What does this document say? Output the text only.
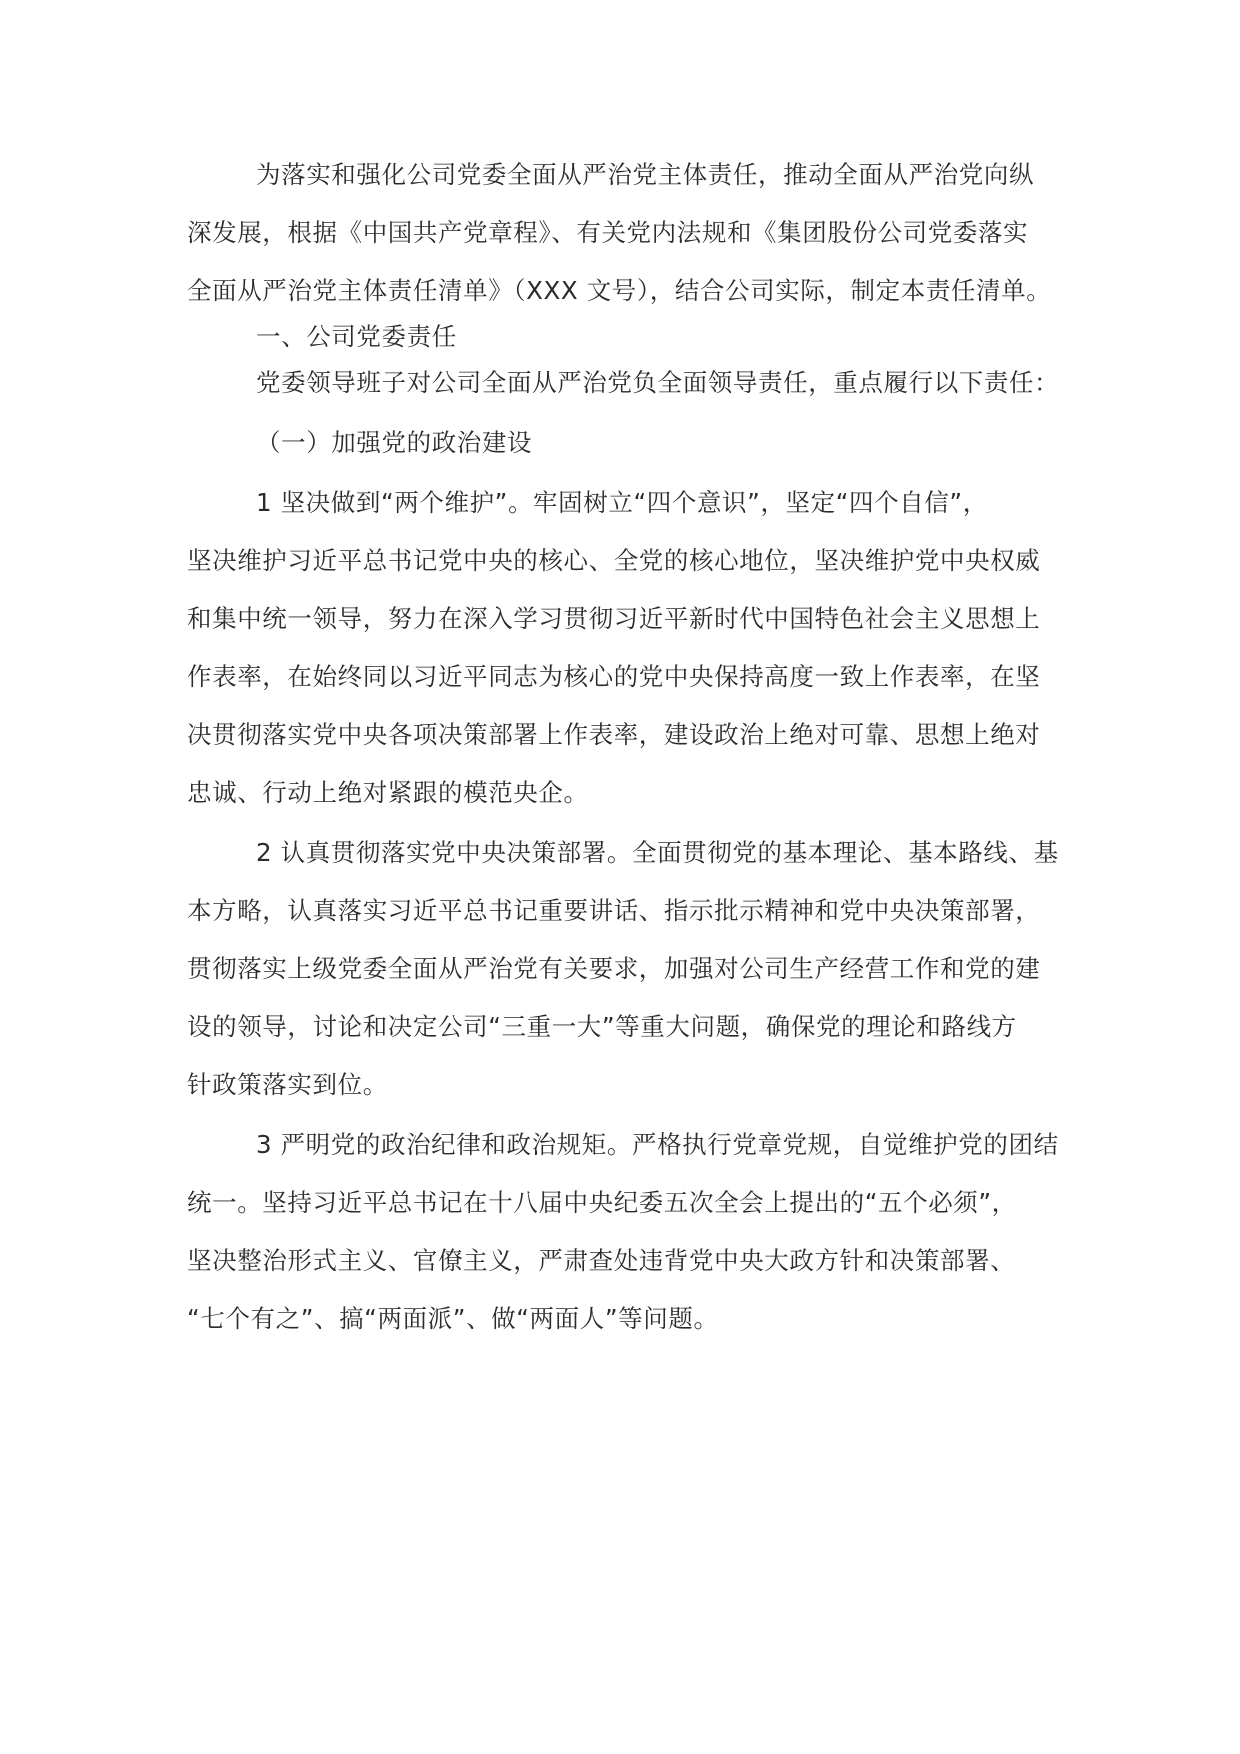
为落实和强化公司党委全面从严治党主体责任，推动全面从严治党向纵
深发展，根据《中国共产党章程》、有关党内法规和《集团股份公司党委落实
全面从严治党主体责任清单》（XXX 文号），结合公司实际，制定本责任清单。
一、公司党委责任
党委领导班子对公司全面从严治党负全面领导责任，重点履行以下责任：
（一）加强党的政治建设
1 坚决做到“两个维护”。牢固树立“四个意识”，坚定“四个自信”，
坚决维护习近平总书记党中央的核心、全党的核心地位，坚决维护党中央权威
和集中统一领导，努力在深入学习贯彻习近平新时代中国特色社会主义思想上
作表率，在始终同以习近平同志为核心的党中央保持高度一致上作表率，在坚
决贯彻落实党中央各项决策部署上作表率，建设政治上绝对可靠、思想上绝对
忠诚、行动上绝对紧跟的模范央企。
2 认真贯彻落实党中央决策部署。全面贯彻党的基本理论、基本路线、基
本方略，认真落实习近平总书记重要讲话、指示批示精神和党中央决策部署，
贯彻落实上级党委全面从严治党有关要求，加强对公司生产经营工作和党的建
设的领导，讨论和决定公司“三重一大”等重大问题，确保党的理论和路线方
针政策落实到位。
3 严明党的政治纪律和政治规矩。严格执行党章党规，自觉维护党的团结
统一。坚持习近平总书记在十八届中央纪委五次全会上提出的“五个必须”，
坚决整治形式主义、官僚主义，严肃查处违背党中央大政方针和决策部署、
“七个有之”、搞“两面派”、做“两面人”等问题。
